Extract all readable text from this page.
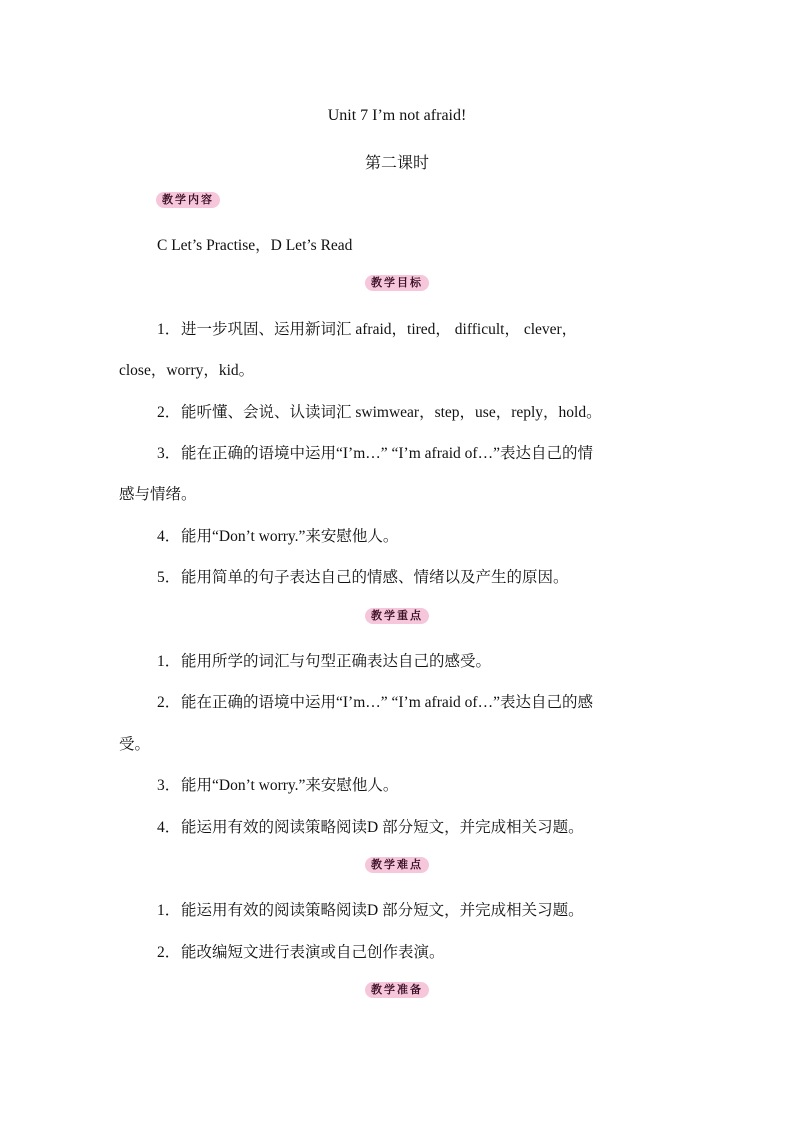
Unit 7 I’m not afraid!
第二课时
教学内容
C Let’s Practise，D Let’s Read
教学目标
1．进一步巩固、运用新词汇 afraid，tired， difficult， clever，
close，worry，kid。
2．能听懂、会说、认读词汇 swimwear，step，use，reply，hold。
3．能在正确的语境中运用“I’m…” “I’m afraid of…”表达自己的情
感与情绪。
4．能用“Don’t worry.”来安慰他人。
5．能用简单的句子表达自己的情感、情绪以及产生的原因。
教学重点
1．能用所学的词汇与句型正确表达自己的感受。
2．能在正确的语境中运用“I’m…” “I’m afraid of…”表达自己的感
受。
3．能用“Don’t worry.”来安慰他人。
4．能运用有效的阅读策略阅读D 部分短文，并完成相关习题。
教学难点
1．能运用有效的阅读策略阅读D 部分短文，并完成相关习题。
2．能改编短文进行表演或自己创作表演。
教学准备
